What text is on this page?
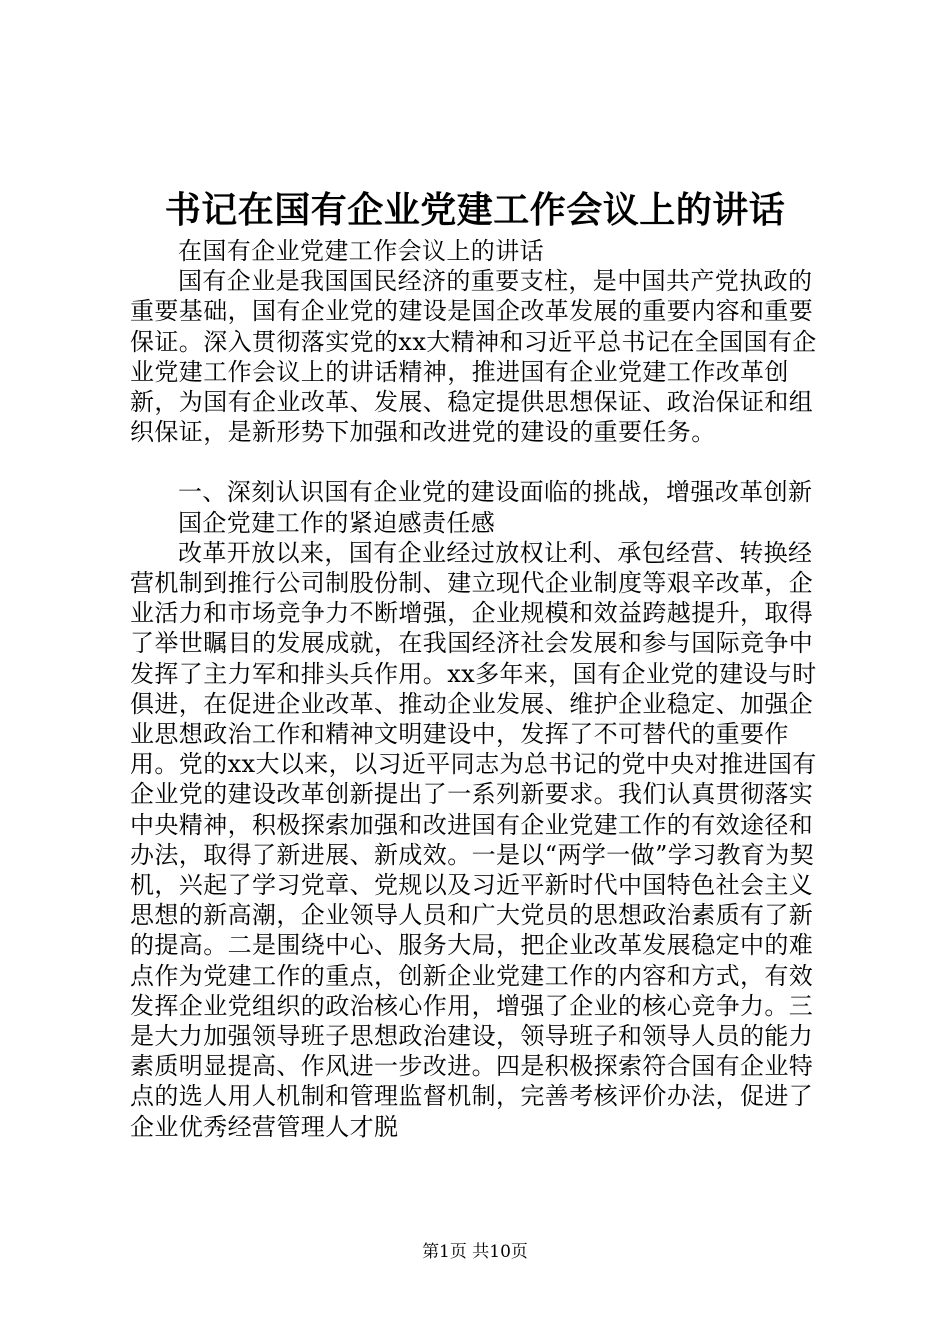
书记在国有企业党建工作会议上的讲话

在国有企业党建工作会议上的讲话

国有企业是我国国民经济的重要支柱，是中国共产党执政的重要基础，国有企业党的建设是国企改革发展的重要内容和重要保证。深入贯彻落实党的xx大精神和习近平总书记在全国国有企业党建工作会议上的讲话精神，推进国有企业党建工作改革创新，为国有企业改革、发展、稳定提供思想保证、政治保证和组织保证，是新形势下加强和改进党的建设的重要任务。

一、深刻认识国有企业党的建设面临的挑战，增强改革创新

国企党建工作的紧迫感责任感

改革开放以来，国有企业经过放权让利、承包经营、转换经营机制到推行公司制股份制、建立现代企业制度等艰辛改革，企业活力和市场竞争力不断增强，企业规模和效益跨越提升，取得了举世瞩目的发展成就，在我国经济社会发展和参与国际竞争中发挥了主力军和排头兵作用。xx多年来，国有企业党的建设与时俱进，在促进企业改革、推动企业发展、维护企业稳定、加强企业思想政治工作和精神文明建设中，发挥了不可替代的重要作用。党的xx大以来，以习近平同志为总书记的党中央对推进国有企业党的建设改革创新提出了一系列新要求。我们认真贯彻落实中央精神，积极探索加强和改进国有企业党建工作的有效途径和办法，取得了新进展、新成效。一是以“两学一做”学习教育为契机，兴起了学习党章、党规以及习近平新时代中国特色社会主义思想的新高潮，企业领导人员和广大党员的思想政治素质有了新的提高。二是围绕中心、服务大局，把企业改革发展稳定中的难点作为党建工作的重点，创新企业党建工作的内容和方式，有效发挥企业党组织的政治核心作用，增强了企业的核心竞争力。三是大力加强领导班子思想政治建设，领导班子和领导人员的能力素质明显提高、作风进一步改进。四是积极探索符合国有企业特点的选人用人机制和管理监督机制，完善考核评价办法，促进了企业优秀经营管理人才脱

第1页 共10页
